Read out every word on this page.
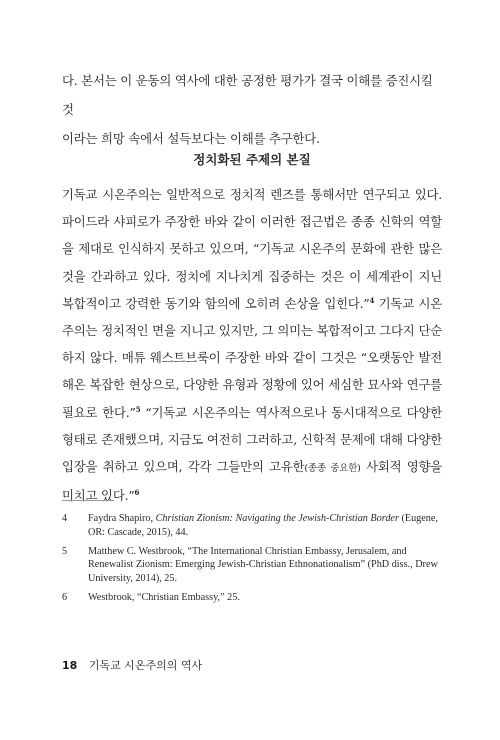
다. 본서는 이 운동의 역사에 대한 공정한 평가가 결국 이해를 증진시킬 것
이라는 희망 속에서 설득보다는 이해를 추구한다.
정치화된 주제의 본질
기독교 시온주의는 일반적으로 정치적 렌즈를 통해서만 연구되고 있다. 파이드라 샤피로가 주장한 바와 같이 이러한 접근법은 종종 신학의 역할을 제대로 인식하지 못하고 있으며, “기독교 시온주의 문화에 관한 많은 것을 간과하고 있다. 정치에 지나치게 집중하는 것은 이 세계관이 지닌 복합적이고 강력한 동기와 함의에 오히려 손상을 입힌다.”$^4$ 기독교 시온주의는 정치적인 면을 지니고 있지만, 그 의미는 복합적이고 그다지 단순하지 않다. 매튜 웨스트브룩이 주장한 바와 같이 그것은 “오랫동안 발전해온 복잡한 현상으로, 다양한 유형과 정황에 있어 세심한 묘사와 연구를 필요로 한다.”$^5$ “기독교 시온주의는 역사적으로나 동시대적으로 다양한 형태로 존재했으며, 지금도 여전히 그러하고, 신학적 문제에 대해 다양한 입장을 취하고 있으며, 각각 그들만의 고유한(종종 중요한) 사회적 영향을 미치고 있다.”$^6$
4	Faydra Shapiro, Christian Zionism: Navigating the Jewish-Christian Border (Eugene, OR: Cascade, 2015), 44.
5	Matthew C. Westbrook, “The International Christian Embassy, Jerusalem, and Renewalist Zionism: Emerging Jewish-Christian Ethnonationalism” (PhD diss., Drew University, 2014), 25.
6	Westbrook, “Christian Embassy,” 25.
18 기독교 시온주의의 역사
